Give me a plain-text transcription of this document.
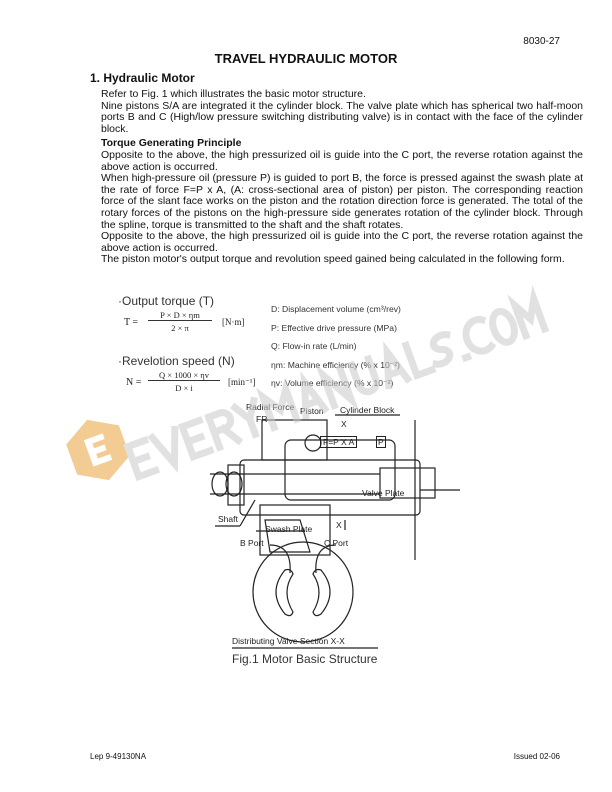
8030-27
TRAVEL HYDRAULIC MOTOR
1. Hydraulic Motor

Refer to Fig. 1 which illustrates the basic motor structure.

Nine pistons S/A are integrated it the cylinder block. The valve plate which has spherical two half-moon ports B and C (High/low pressure switching distributing valve) is in contact with the face of the cylinder block.

Torque Generating Principle

Opposite to the above, the high pressurized oil is guide into the C port, the reverse rotation against the above action is occurred.

When high-pressure oil (pressure P) is guided to port B, the force is pressed against the swash plate at the rate of force F=P x A, (A: cross-sectional area of piston) per piston. The corresponding reaction force of the slant face works on the piston and the rotation direction force is generated. The total of the rotary forces of the pistons on the high-pressure side generates rotation of the cylinder block. Through the spline, torque is transmitted to the shaft and the shaft rotates.

Opposite to the above, the high pressurized oil is guide into the C port, the reverse rotation against the above action is occurred.

The piston motor's output torque and revolution speed gained being calculated in the following form.

·Output torque (T)
T =
P × D × ηm
2 × π
[N·m]
·Revelotion speed (N)
N =
Q × 1000 × ηv
D × i
[min⁻¹]
D: Displacement volume (cm³/rev)
P: Effective drive pressure (MPa)
Q: Flow-in rate (L/min)
ηm: Machine efficiency (% x 10⁻²)
ηv: Volume efficiency (% x 10⁻²)
Radial Force
FR
Piston Cylinder Block
X
F=P X A	P
Valve Plate
Shaft
Swash Plate	X
B Port	C Port
Distributing Valve Section X-X
Fig.1 Motor Basic Structure
Lep 9-49130NA	Issued 02-06
